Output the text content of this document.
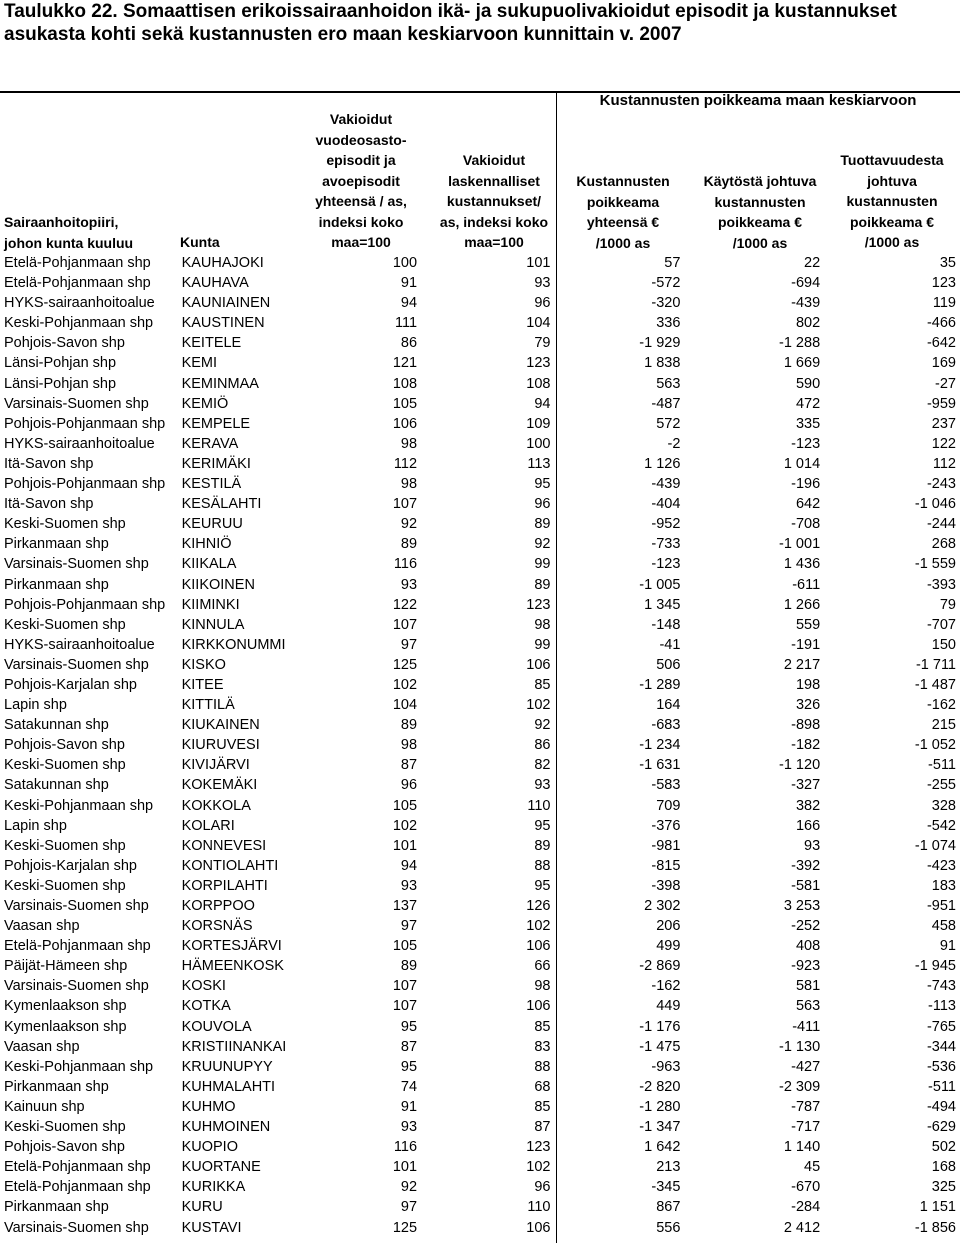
Taulukko 22. Somaattisen erikoissairaanhoidon ikä- ja sukupuolivakioidut episodit ja kustannukset
asukasta kohti sekä kustannusten ero maan keskiarvoon kunnittain v. 2007
Kustannusten poikkeama maan keskiarvoon
Sairaanhoitopiiri,
johon kunta kuuluu	Kunta
Vakioidut
vuodeosasto-
episodit ja
avoepisodit
yhteensä / as,
indeksi koko
maa=100
Vakioidut
laskennalliset
kustannukset/
as, indeksi koko
maa=100
Kustannusten
poikkeama
yhteensä €
/1000 as
Käytöstä johtuva
kustannusten
poikkeama €
/1000 as
Tuottavuudesta
johtuva
kustannusten
poikkeama €
/1000 as
Etelä-Pohjanmaan shp	KAUHAJOKI	100	101	57	22	35
Etelä-Pohjanmaan shp	KAUHAVA	91	93	-572	-694	123
HYKS-sairaanhoitoalue	KAUNIAINEN	94	96	-320	-439	119
Keski-Pohjanmaan shp	KAUSTINEN	111	104	336	802	-466
Pohjois-Savon shp	KEITELE	86	79	-1 929	-1 288	-642
Länsi-Pohjan shp	KEMI	121	123	1 838	1 669	169
Länsi-Pohjan shp	KEMINMAA	108	108	563	590	-27
Varsinais-Suomen shp	KEMIÖ	105	94	-487	472	-959
Pohjois-Pohjanmaan shp	KEMPELE	106	109	572	335	237
HYKS-sairaanhoitoalue	KERAVA	98	100	-2	-123	122
Itä-Savon shp	KERIMÄKI	112	113	1 126	1 014	112
Pohjois-Pohjanmaan shp	KESTILÄ	98	95	-439	-196	-243
Itä-Savon shp	KESÄLAHTI	107	96	-404	642	-1 046
Keski-Suomen shp	KEURUU	92	89	-952	-708	-244
Pirkanmaan shp	KIHNIÖ	89	92	-733	-1 001	268
Varsinais-Suomen shp	KIIKALA	116	99	-123	1 436	-1 559
Pirkanmaan shp	KIIKOINEN	93	89	-1 005	-611	-393
Pohjois-Pohjanmaan shp	KIIMINKI	122	123	1 345	1 266	79
Keski-Suomen shp	KINNULA	107	98	-148	559	-707
HYKS-sairaanhoitoalue	KIRKKONUMMI	97	99	-41	-191	150
Varsinais-Suomen shp	KISKO	125	106	506	2 217	-1 711
Pohjois-Karjalan shp	KITEE	102	85	-1 289	198	-1 487
Lapin shp	KITTILÄ	104	102	164	326	-162
Satakunnan shp	KIUKAINEN	89	92	-683	-898	215
Pohjois-Savon shp	KIURUVESI	98	86	-1 234	-182	-1 052
Keski-Suomen shp	KIVIJÄRVI	87	82	-1 631	-1 120	-511
Satakunnan shp	KOKEMÄKI	96	93	-583	-327	-255
Keski-Pohjanmaan shp	KOKKOLA	105	110	709	382	328
Lapin shp	KOLARI	102	95	-376	166	-542
Keski-Suomen shp	KONNEVESI	101	89	-981	93	-1 074
Pohjois-Karjalan shp	KONTIOLAHTI	94	88	-815	-392	-423
Keski-Suomen shp	KORPILAHTI	93	95	-398	-581	183
Varsinais-Suomen shp	KORPPOO	137	126	2 302	3 253	-951
Vaasan shp	KORSNÄS	97	102	206	-252	458
Etelä-Pohjanmaan shp	KORTESJÄRVI	105	106	499	408	91
Päijät-Hämeen shp	HÄMEENKOSK	89	66	-2 869	-923	-1 945
Varsinais-Suomen shp	KOSKI	107	98	-162	581	-743
Kymenlaakson shp	KOTKA	107	106	449	563	-113
Kymenlaakson shp	KOUVOLA	95	85	-1 176	-411	-765
Vaasan shp	KRISTIINANKAI	87	83	-1 475	-1 130	-344
Keski-Pohjanmaan shp	KRUUNUPYY	95	88	-963	-427	-536
Pirkanmaan shp	KUHMALAHTI	74	68	-2 820	-2 309	-511
Kainuun shp	KUHMO	91	85	-1 280	-787	-494
Keski-Suomen shp	KUHMOINEN	93	87	-1 347	-717	-629
Pohjois-Savon shp	KUOPIO	116	123	1 642	1 140	502
Etelä-Pohjanmaan shp	KUORTANE	101	102	213	45	168
Etelä-Pohjanmaan shp	KURIKKA	92	96	-345	-670	325
Pirkanmaan shp	KURU	97	110	867	-284	1 151
Varsinais-Suomen shp	KUSTAVI	125	106	556	2 412	-1 856
